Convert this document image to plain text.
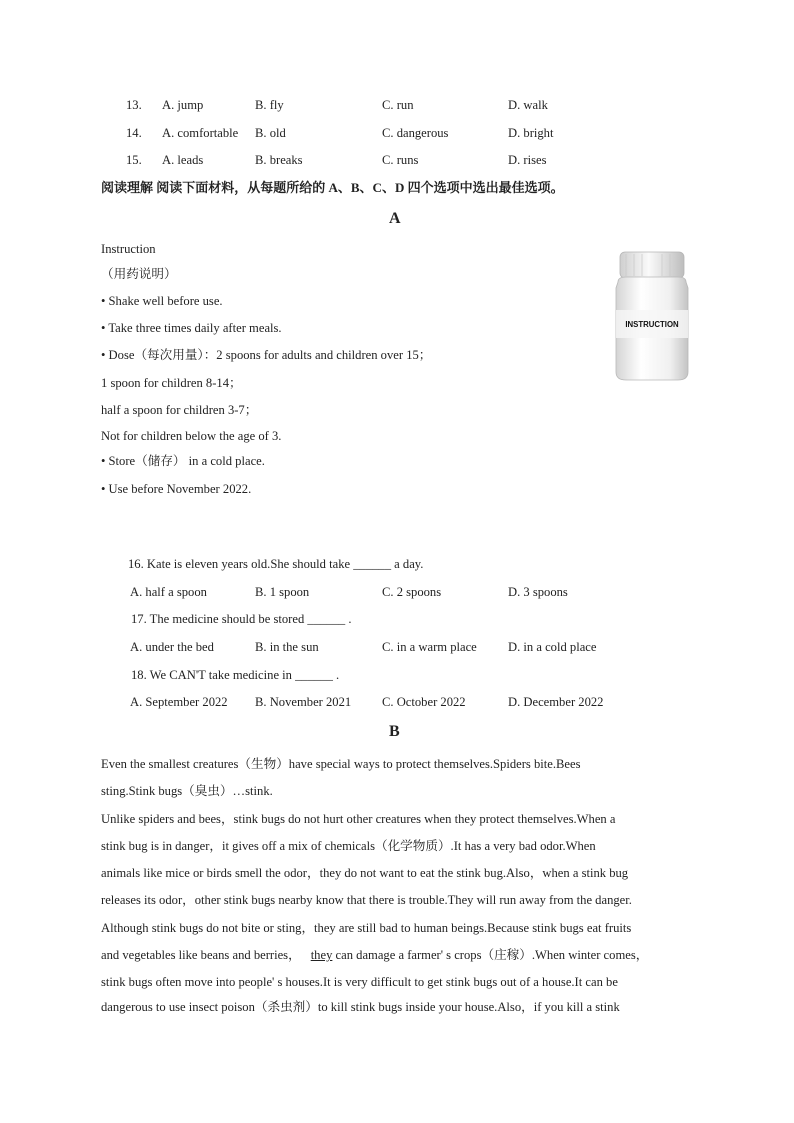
13. A. jump	B. fly	C. run	D. walk
14. A. comfortable B. old	C. dangerous	D. bright
15. A. leads	B. breaks	C. runs	D. rises
阅读理解 阅读下面材料，从每题所给的 A、B、C、D 四个选项中选出最佳选项。
A
Instruction
（用药说明）
• Shake well before use.
• Take three times daily after meals.
• Dose（每次用量）：2 spoons for adults and children over 15；
1 spoon for children 8-14；
half a spoon for children 3-7；
Not for children below the age of 3.
• Store（储存） in a cold place.
• Use before November 2022.
INSTRUCTION
16. Kate is eleven years old.She should take ______ a day.
A. half a spoon	B. 1 spoon	C. 2 spoons	D. 3 spoons
17. The medicine should be stored ______ .
A. under the bed	B. in the sun	C. in a warm place D. in a cold place
18. We CAN'T take medicine in ______ .
A. September 2022 B. November 2021 C. October 2022	D. December 2022
B
Even the smallest creatures（生物）have special ways to protect themselves.Spiders bite.Bees
sting.Stink bugs（臭虫）…stink.
Unlike spiders and bees，stink bugs do not hurt other creatures when they protect themselves.When a
stink bug is in danger，it gives off a mix of chemicals（化学物质）.It has a very bad odor.When
animals like mice or birds smell the odor，they do not want to eat the stink bug.Also，when a stink bug
releases its odor，other stink bugs nearby know that there is trouble.They will run away from the danger.
Although stink bugs do not bite or sting，they are still bad to human beings.Because stink bugs eat fruits
and vegetables like beans and berries， they can damage a farmer' s crops（庄稼）.When winter comes，
stink bugs often move into people' s houses.It is very difficult to get stink bugs out of a house.It can be
dangerous to use insect poison（杀虫剂）to kill stink bugs inside your house.Also，if you kill a stink
